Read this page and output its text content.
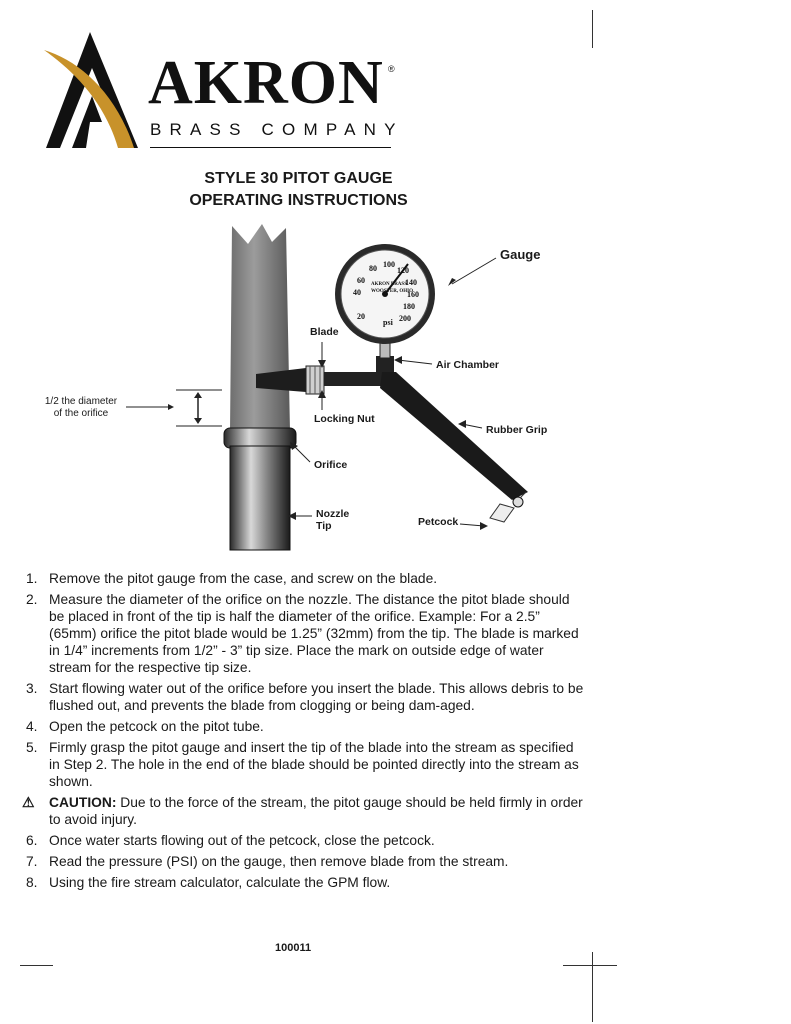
AKRON ®
BRASS COMPANY
STYLE 30 PITOT GAUGE
OPERATING INSTRUCTIONS
20
40
60
80 100
120
140
160
180
200
AKRON BRASS
WOOSTER, OHIO
psi
Gauge
Blade
Air Chamber
Locking Nut
Rubber Grip
Orifice
Nozzle
Tip	Petcock
1/2 the diameter
of the orifice
1. Remove the pitot gauge from the case, and screw on the blade.
2. Measure the diameter of the orifice on the nozzle. The distance the pitot blade should be placed in front of the tip is half the diameter of the orifice. Example: For a 2.5” (65mm) orifice the pitot blade would be 1.25” (32mm) from the tip. The blade is marked in 1/4” increments from 1/2” - 3” tip size. Place the mark on outside edge of water stream for the respective tip size.
3. Start flowing water out of the orifice before you insert the blade. This allows debris to be flushed out, and prevents the blade from clogging or being dam-aged.
4. Open the petcock on the pitot tube.
5. Firmly grasp the pitot gauge and insert the tip of the blade into the stream as specified in Step 2. The hole in the end of the blade should be pointed directly into the stream as shown.
⚠ CAUTION: Due to the force of the stream, the pitot gauge should be held firmly in order to avoid injury.
6. Once water starts flowing out of the petcock, close the petcock.
7. Read the pressure (PSI) on the gauge, then remove blade from the stream.
8. Using the fire stream calculator, calculate the GPM flow.
100011
